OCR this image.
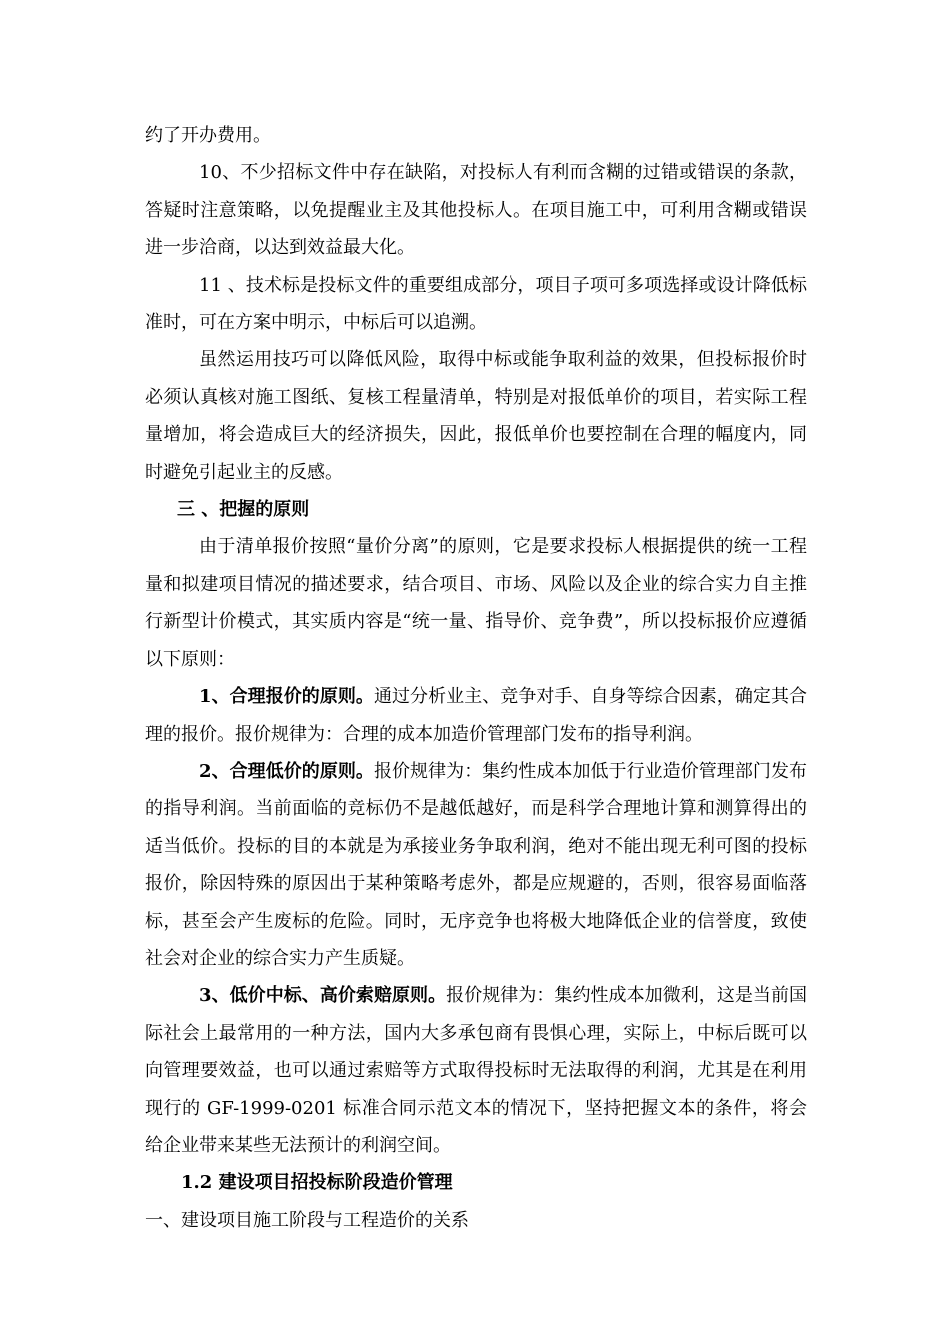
约了开办费用。

10、不少招标文件中存在缺陷，对投标人有利而含糊的过错或错误的条款，答疑时注意策略，以免提醒业主及其他投标人。在项目施工中，可利用含糊或错误进一步洽商，以达到效益最大化。

11 、技术标是投标文件的重要组成部分，项目子项可多项选择或设计降低标准时，可在方案中明示，中标后可以追溯。

虽然运用技巧可以降低风险，取得中标或能争取利益的效果，但投标报价时必须认真核对施工图纸、复核工程量清单，特别是对报低单价的项目，若实际工程量增加，将会造成巨大的经济损失，因此，报低单价也要控制在合理的幅度内，同时避免引起业主的反感。

三 、把握的原则

由于清单报价按照“量价分离”的原则，它是要求投标人根据提供的统一工程量和拟建项目情况的描述要求，结合项目、市场、风险以及企业的综合实力自主推行新型计价模式，其实质内容是“统一量、指导价、竞争费”，所以投标报价应遵循以下原则：

1、合理报价的原则。通过分析业主、竞争对手、自身等综合因素，确定其合理的报价。报价规律为：合理的成本加造价管理部门发布的指导利润。

2、合理低价的原则。报价规律为：集约性成本加低于行业造价管理部门发布的指导利润。当前面临的竞标仍不是越低越好，而是科学合理地计算和测算得出的适当低价。投标的目的本就是为承接业务争取利润，绝对不能出现无利可图的投标报价，除因特殊的原因出于某种策略考虑外，都是应规避的，否则，很容易面临落标，甚至会产生废标的危险。同时，无序竞争也将极大地降低企业的信誉度，致使社会对企业的综合实力产生质疑。

3、低价中标、高价索赔原则。报价规律为：集约性成本加微利，这是当前国际社会上最常用的一种方法，国内大多承包商有畏惧心理，实际上，中标后既可以向管理要效益，也可以通过索赔等方式取得投标时无法取得的利润，尤其是在利用现行的 GF-1999-0201 标准合同示范文本的情况下，坚持把握文本的条件，将会给企业带来某些无法预计的利润空间。

1.2 建设项目招投标阶段造价管理

一、建设项目施工阶段与工程造价的关系
